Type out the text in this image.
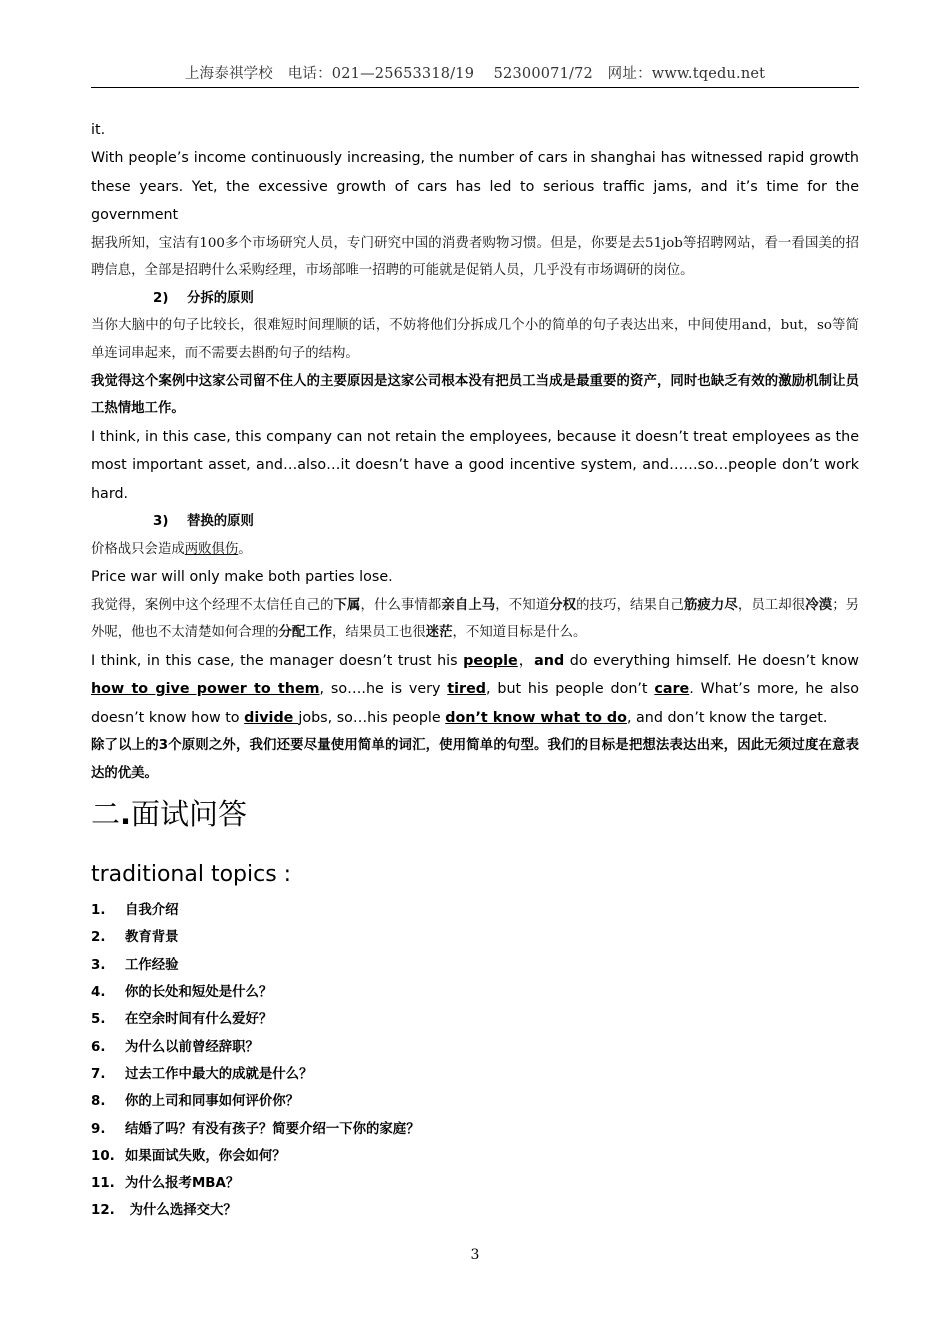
上海泰祺学校　电话：021—25653318/19　 52300071/72　网址：www.tqedu.net

it.

With people’s income continuously increasing, the number of cars in shanghai has witnessed rapid growth these years. Yet, the excessive growth of cars has led to serious traffic jams, and it’s time for the government

据我所知，宝洁有100多个市场研究人员，专门研究中国的消费者购物习惯。但是，你要是去51job等招聘网站，看一看国美的招聘信息，全部是招聘什么采购经理，市场部唯一招聘的可能就是促销人员，几乎没有市场调研的岗位。

2) 分拆的原则

当你大脑中的句子比较长，很难短时间理顺的话，不妨将他们分拆成几个小的简单的句子表达出来，中间使用and，but，so等简单连词串起来，而不需要去斟酌句子的结构。

我觉得这个案例中这家公司留不住人的主要原因是这家公司根本没有把员工当成是最重要的资产，同时也缺乏有效的激励机制让员工热情地工作。

I think, in this case, this company can not retain the employees, because it doesn’t treat employees as the most important asset, and…also…it doesn’t have a good incentive system, and……so…people don’t work hard.

3) 替换的原则

价格战只会造成两败俱伤。

Price war will only make both parties lose.

我觉得，案例中这个经理不太信任自己的下属，什么事情都亲自上马，不知道分权的技巧，结果自己筋疲力尽，员工却很冷漠；另外呢，他也不太清楚如何合理的分配工作，结果员工也很迷茫，不知道目标是什么。

I think, in this case, the manager doesn’t trust his people，and do everything himself. He doesn’t know how to give power to them, so….he is very tired, but his people don’t care. What’s more, he also doesn’t know how to divide jobs, so…his people don’t know what to do, and don’t know the target.

除了以上的3个原则之外，我们还要尽量使用简单的词汇，使用简单的句型。我们的目标是把想法表达出来，因此无须过度在意表达的优美。

二.面试问答

traditional topics :

1. 自我介绍
2. 教育背景
3. 工作经验
4. 你的长处和短处是什么？
5. 在空余时间有什么爱好？
6. 为什么以前曾经辞职？
7. 过去工作中最大的成就是什么？
8. 你的上司和同事如何评价你？
9. 结婚了吗？有没有孩子？简要介绍一下你的家庭？
10. 如果面试失败，你会如何？
11. 为什么报考MBA？
12. 为什么选择交大？
3
